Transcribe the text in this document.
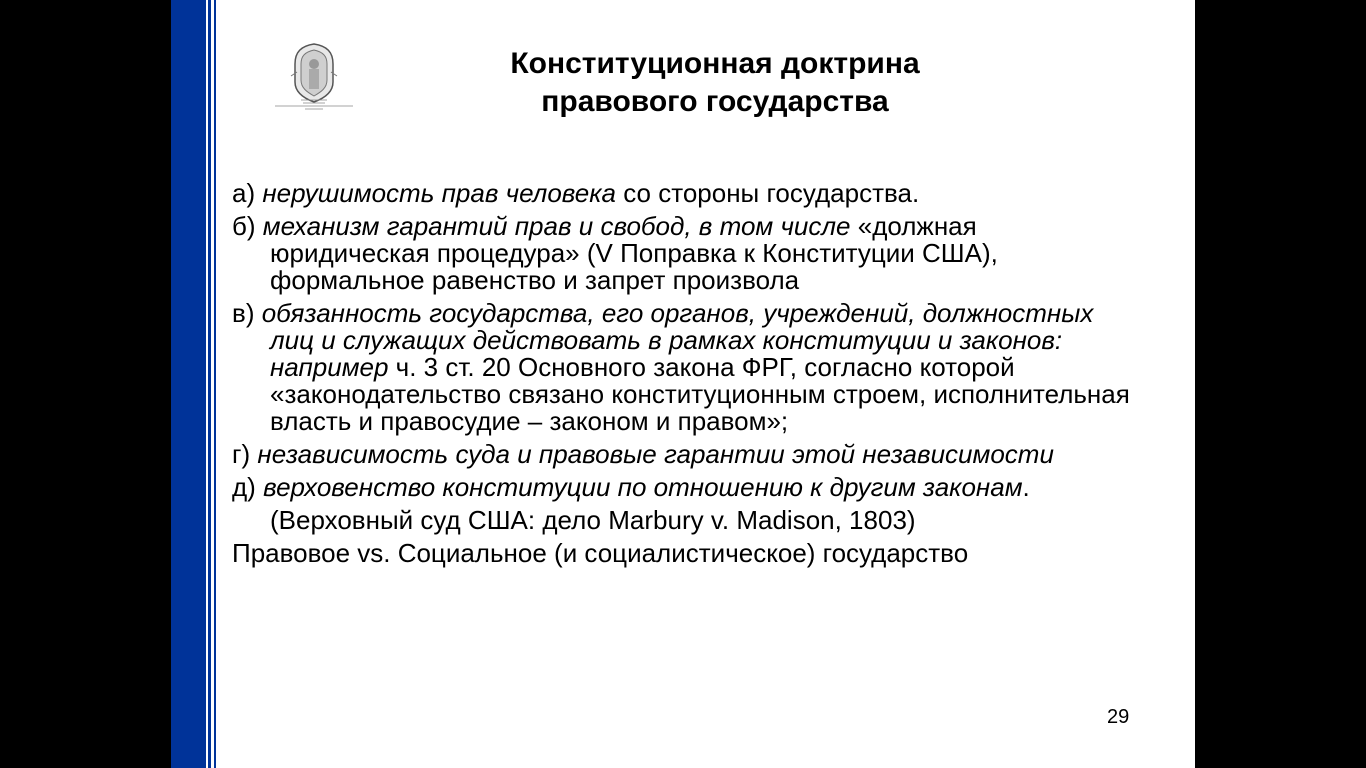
Конституционная доктрина
правового государства
а) нерушимость прав человека со стороны государства.
б) механизм гарантий прав и свобод, в том числе «должная юридическая процедура» (V Поправка к Конституции США), формальное равенство и запрет произвола
в) обязанность государства, его органов, учреждений, должностных лиц и служащих действовать в рамках конституции и законов: например ч. 3 ст. 20 Основного закона ФРГ, согласно которой «законодательство связано конституционным строем, исполнительная власть и правосудие – законом и правом»;
г) независимость суда и правовые гарантии этой независимости
д) верховенство конституции по отношению к другим законам.
(Верховный суд США: дело Marbury v. Madison, 1803)
Правовое vs. Социальное (и социалистическое) государство
29
